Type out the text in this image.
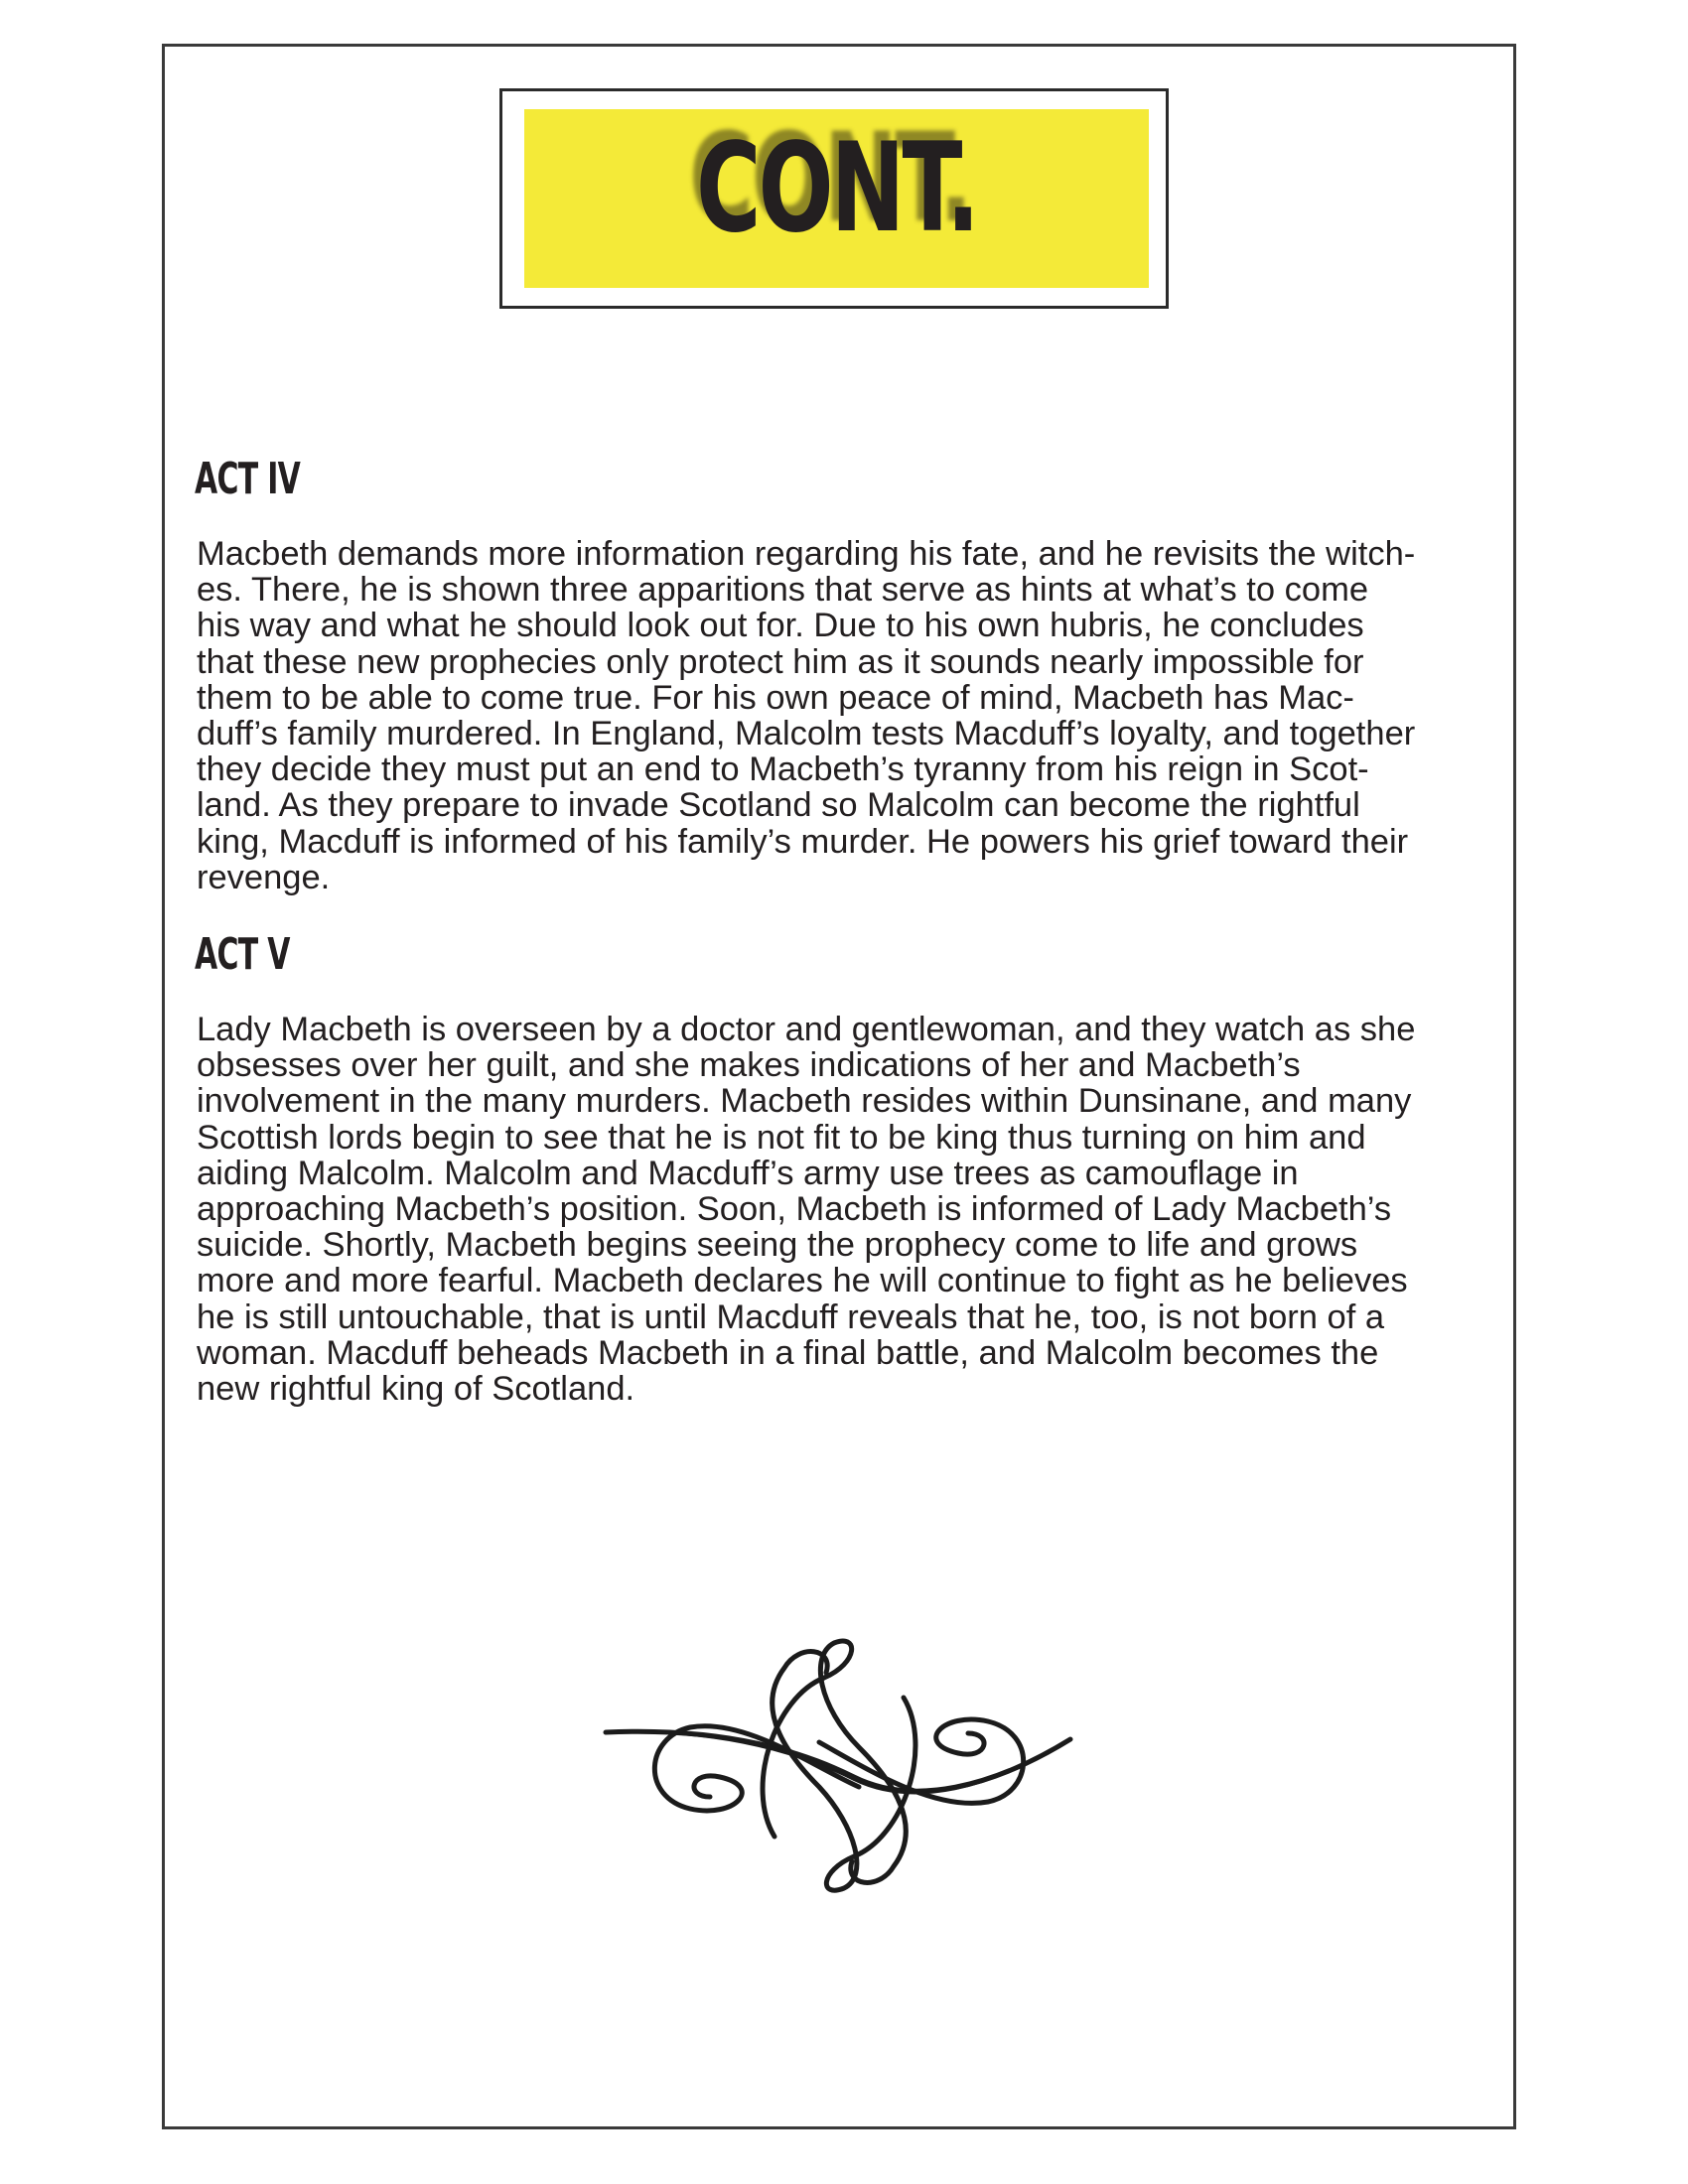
CONT.
ACT IV
Macbeth demands more information regarding his fate, and he revisits the witch-
es. There, he is shown three apparitions that serve as hints at what’s to come
his way and what he should look out for. Due to his own hubris, he concludes
that these new prophecies only protect him as it sounds nearly impossible for
them to be able to come true. For his own peace of mind, Macbeth has Mac-
duff’s family murdered. In England, Malcolm tests Macduff’s loyalty, and together
they decide they must put an end to Macbeth’s tyranny from his reign in Scot-
land. As they prepare to invade Scotland so Malcolm can become the rightful
king, Macduff is informed of his family’s murder. He powers his grief toward their
revenge.
ACT V
Lady Macbeth is overseen by a doctor and gentlewoman, and they watch as she
obsesses over her guilt, and she makes indications of her and Macbeth’s
involvement in the many murders. Macbeth resides within Dunsinane, and many
Scottish lords begin to see that he is not fit to be king thus turning on him and
aiding Malcolm. Malcolm and Macduff’s army use trees as camouflage in
approaching Macbeth’s position. Soon, Macbeth is informed of Lady Macbeth’s
suicide. Shortly, Macbeth begins seeing the prophecy come to life and grows
more and more fearful. Macbeth declares he will continue to fight as he believes
he is still untouchable, that is until Macduff reveals that he, too, is not born of a
woman. Macduff beheads Macbeth in a final battle, and Malcolm becomes the
new rightful king of Scotland.
